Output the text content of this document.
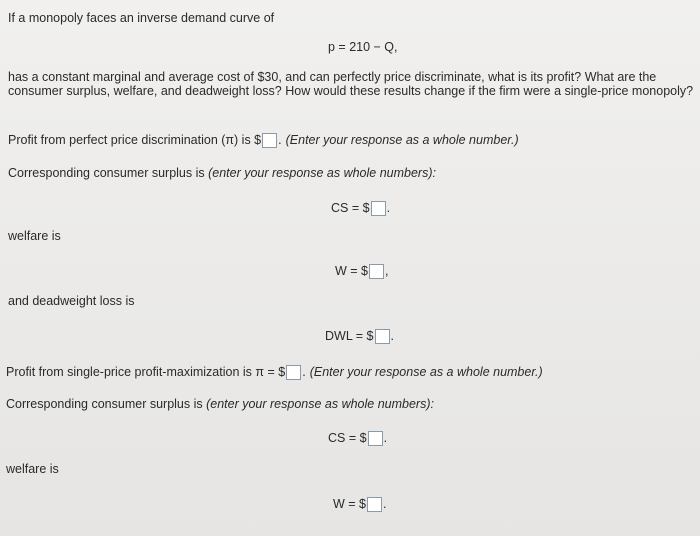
If a monopoly faces an inverse demand curve of
p = 210 − Q,
has a constant marginal and average cost of $30, and can perfectly price discriminate, what is its profit? What are the consumer surplus, welfare, and deadweight loss? How would these results change if the firm were a single-price monopoly?
Profit from perfect price discrimination (π) is $ . (Enter your response as a whole number.)
Corresponding consumer surplus is (enter your response as whole numbers):
CS = $ .
welfare is
W = $ ,
and deadweight loss is
DWL = $ .
Profit from single-price profit-maximization is π = $ . (Enter your response as a whole number.)
Corresponding consumer surplus is (enter your response as whole numbers):
CS = $ .
welfare is
W = $ .
